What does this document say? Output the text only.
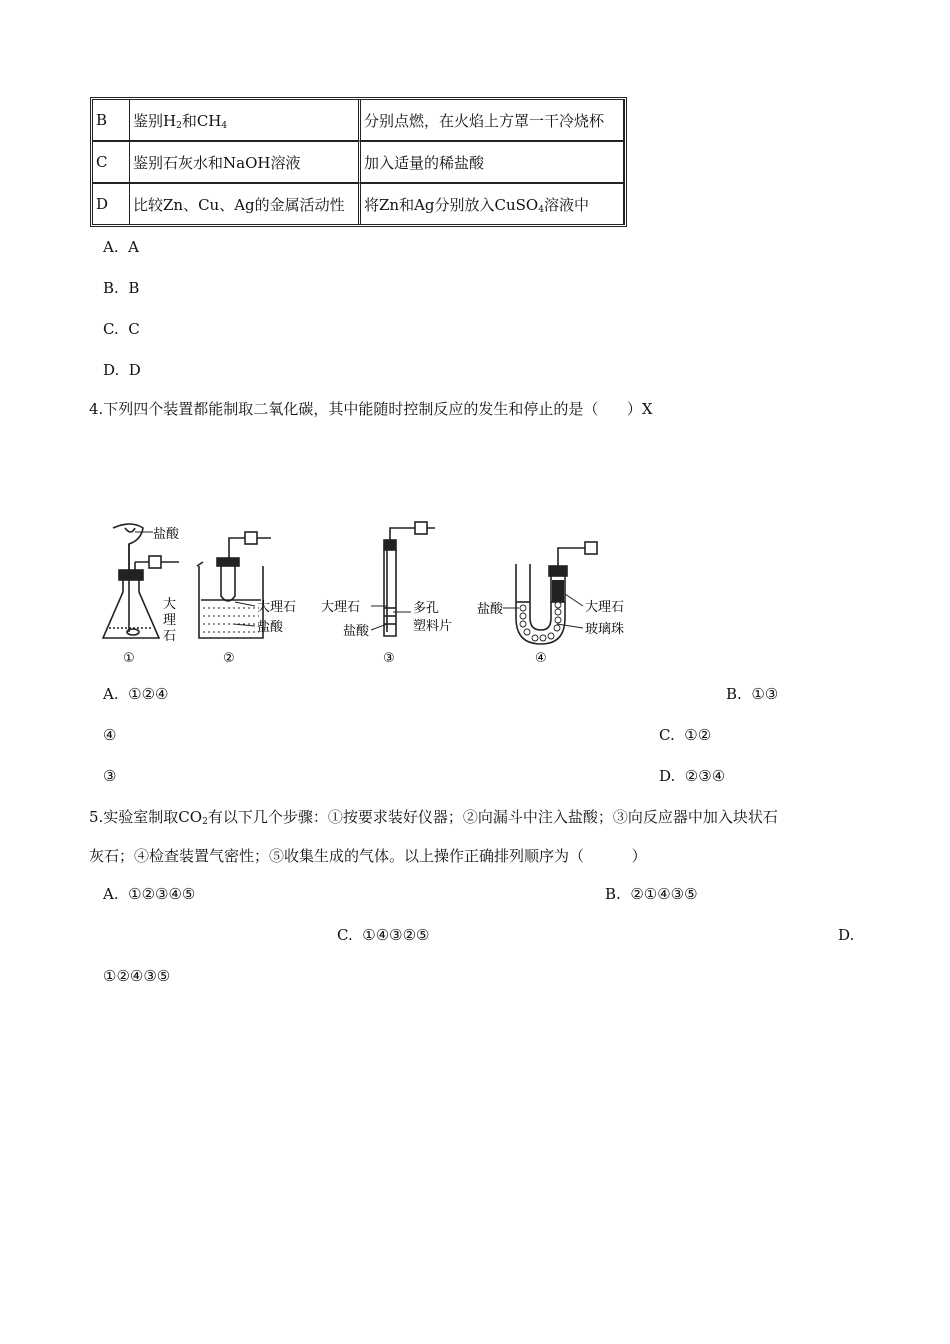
B	鉴别$H_2$和$CH_4$	分别点燃，在火焰上方罩一干冷烧杯
C	鉴别石灰水和NaOH溶液	加入适量的稀盐酸
D	比较Zn、Cu、Ag的金属活动性	将Zn和Ag分别放入CuSO$_4$溶液中
A.  A
B.  B
C.  C
D.  D
4.下列四个装置都能制取二氧化碳，其中能随时控制反应的发生和停止的是（      ）X
盐酸
大
理
石
大理石
盐酸
大理石
盐酸
多孔
塑料片
盐酸	大理石
玻璃珠
①	②	③	④
A.  ①②④	B.  ①③
④	C.  ①②
③	D.  ②③④
5.实验室制取$CO_2$有以下几个步骤：①按要求装好仪器；②向漏斗中注入盐酸；③向反应器中加入块状石
灰石；④检查装置气密性；⑤收集生成的气体。以上操作正确排列顺序为（          ）
A.  ①②③④⑤	B.  ②①④③⑤
C.  ①④③②⑤	D.
①②④③⑤
